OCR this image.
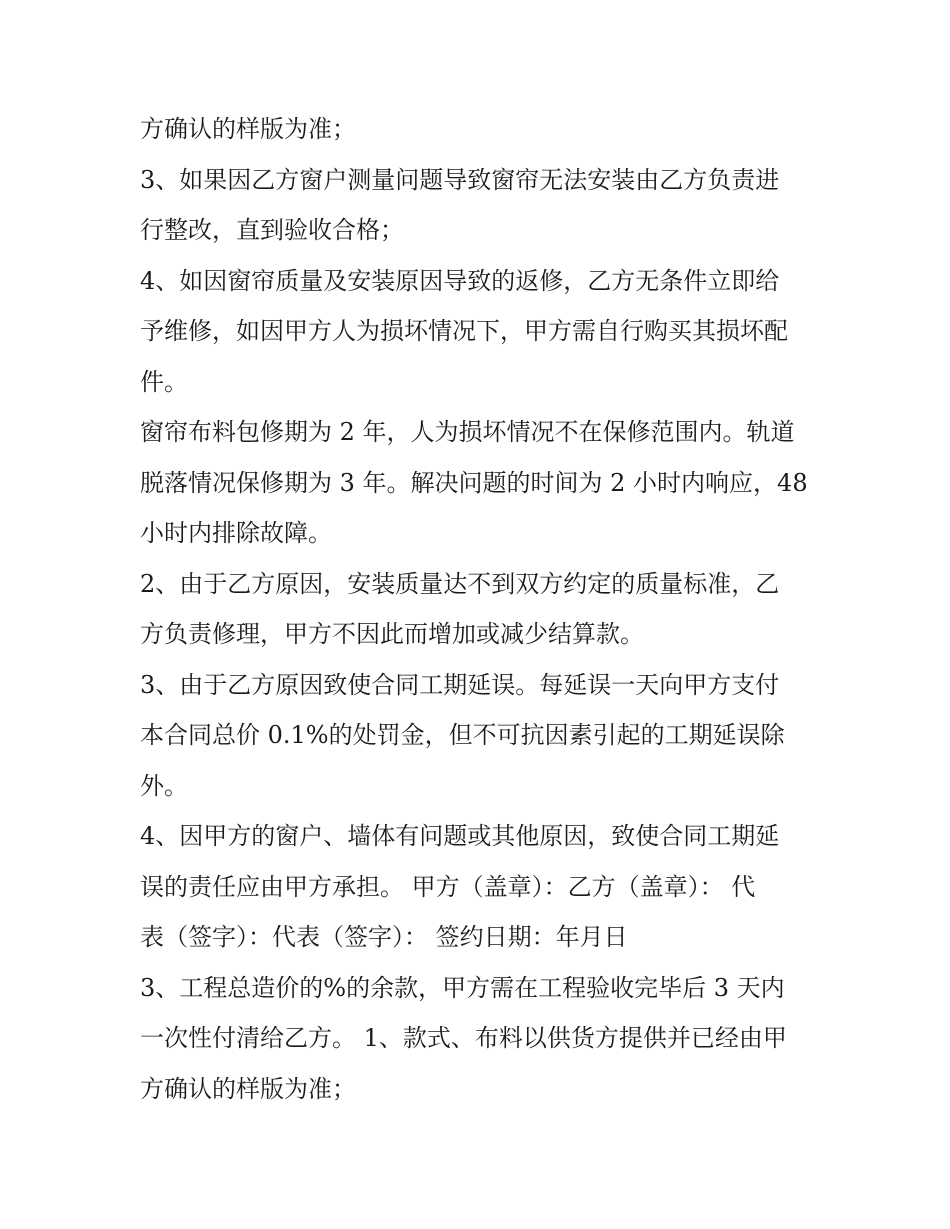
方确认的样版为准；
3、如果因乙方窗户测量问题导致窗帘无法安装由乙方负责进
行整改，直到验收合格；
4、如因窗帘质量及安装原因导致的返修，乙方无条件立即给
予维修，如因甲方人为损坏情况下，甲方需自行购买其损坏配
件。
窗帘布料包修期为 2 年，人为损坏情况不在保修范围内。轨道
脱落情况保修期为 3 年。解决问题的时间为 2 小时内响应，48
小时内排除故障。
2、由于乙方原因，安装质量达不到双方约定的质量标准，乙
方负责修理，甲方不因此而增加或减少结算款。
3、由于乙方原因致使合同工期延误。每延误一天向甲方支付
本合同总价 0.1%的处罚金，但不可抗因素引起的工期延误除
外。
4、因甲方的窗户、墙体有问题或其他原因，致使合同工期延
误的责任应由甲方承担。 甲方（盖章）：乙方（盖章）： 代
表（签字）：代表（签字）： 签约日期：年月日
3、工程总造价的%的余款，甲方需在工程验收完毕后 3 天内
一次性付清给乙方。 1、款式、布料以供货方提供并已经由甲
方确认的样版为准；
